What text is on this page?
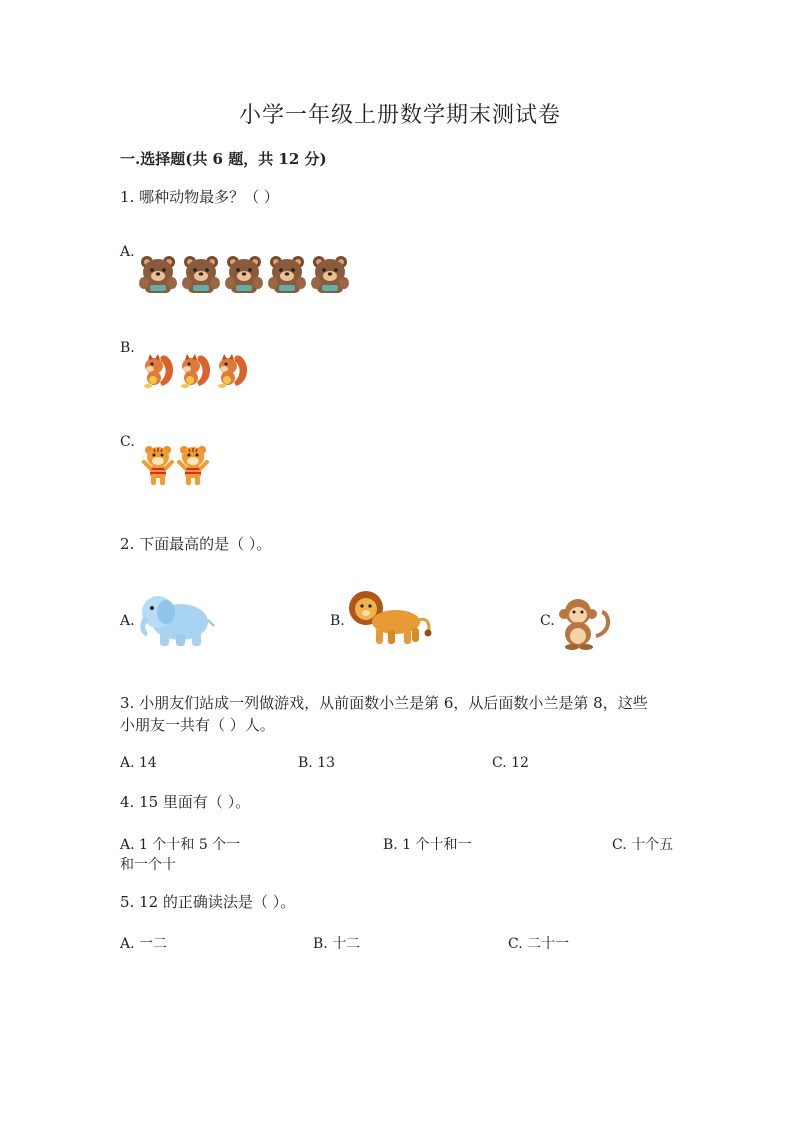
小学一年级上册数学期末测试卷
一.选择题(共 6 题，共 12 分)
1. 哪种动物最多？（ ）
A.
B.
C.
2. 下面最高的是（ ）。
A.	B.	C.
3. 小朋友们站成一列做游戏，从前面数小兰是第 6，从后面数小兰是第 8，这些
小朋友一共有（ ）人。
A. 14	B. 13	C. 12
4. 15 里面有（ ）。
A. 1 个十和 5 个一	B. 1 个十和一	C. 十个五
和一个十
5. 12 的正确读法是（ ）。
A. 一二	B. 十二	C. 二十一
